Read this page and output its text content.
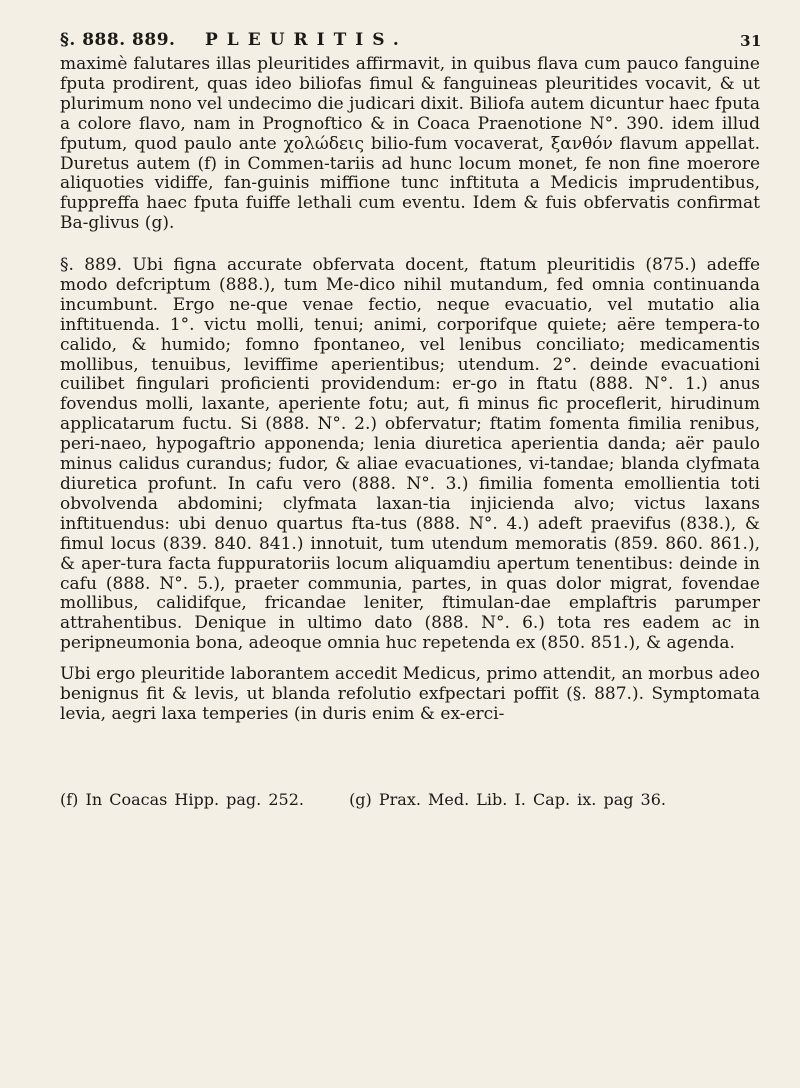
§. 888. 889. PLEURITIS.	31

maximè falutares illas pleuritides affirmavit, in quibus flava cum pauco fanguine fputa prodirent, quas ideo biliofas fimul & fanguineas pleuritides vocavit, & ut plurimum nono vel undecimo die judicari dixit. Biliofa autem dicuntur haec fputa a colore flavo, nam in Prognoftico & in Coaca Praenotione N°. 390. idem illud fputum, quod paulo ante χολώδεις bilio-fum vocaverat, ξανθόν flavum appellat. Duretus autem (f) in Commen-tariis ad hunc locum monet, fe non fine moerore aliquoties vidiffe, fan-guinis miffione tunc inftituta a Medicis imprudentibus, fuppreffa haec fputa fuiffe lethali cum eventu. Idem & fuis obfervatis confirmat Ba-glivus (g).

§. 889. Ubi figna accurate obfervata docent, ftatum pleuritidis (875.) adeffe modo defcriptum (888.), tum Me-dico nihil mutandum, fed omnia continuanda incumbunt. Ergo ne-que venae fectio, neque evacuatio, vel mutatio alia inftituenda. 1°. victu molli, tenui; animi, corporifque quiete; aëre tempera-to calido, & humido; fomno fpontaneo, vel lenibus conciliato; medicamentis mollibus, tenuibus, leviffime aperientibus; utendum. 2°. deinde evacuationi cuilibet fingulari proficienti providendum: er-go in ftatu (888. N°. 1.) anus fovendus molli, laxante, aperiente fotu; aut, fi minus fic proceflerit, hirudinum applicatarum fuctu. Si (888. N°. 2.) obfervatur; ftatim fomenta fimilia renibus, peri-naeo, hypogaftrio apponenda; lenia diuretica aperientia danda; aër paulo minus calidus curandus; fudor, & aliae evacuationes, vi-tandae; blanda clyfmata diuretica profunt. In cafu vero (888. N°. 3.) fimilia fomenta emollientia toti obvolvenda abdomini; clyfmata laxan-tia injicienda alvo; victus laxans inftituendus: ubi denuo quartus fta-tus (888. N°. 4.) adeft praevifus (838.), & fimul locus (839. 840. 841.) innotuit, tum utendum memoratis (859. 860. 861.), & aper-tura facta fuppuratoriis locum aliquamdiu apertum tenentibus: deinde in cafu (888. N°. 5.), praeter communia, partes, in quas dolor migrat, fovendae mollibus, calidifque, fricandae leniter, ftimulan-dae emplaftris parumper attrahentibus. Denique in ultimo dato (888. N°. 6.) tota res eadem ac in peripneumonia bona, adeoque omnia huc repetenda ex (850. 851.), & agenda.

Ubi ergo pleuritide laborantem accedit Medicus, primo attendit, an morbus adeo benignus fit & levis, ut blanda refolutio exfpectari poffit (§. 887.). Symptomata levia, aegri laxa temperies (in duris enim & ex-erci-

(f) In Coacas Hipp. pag. 252.	(g) Prax. Med. Lib. I. Cap. ix. pag 36.
